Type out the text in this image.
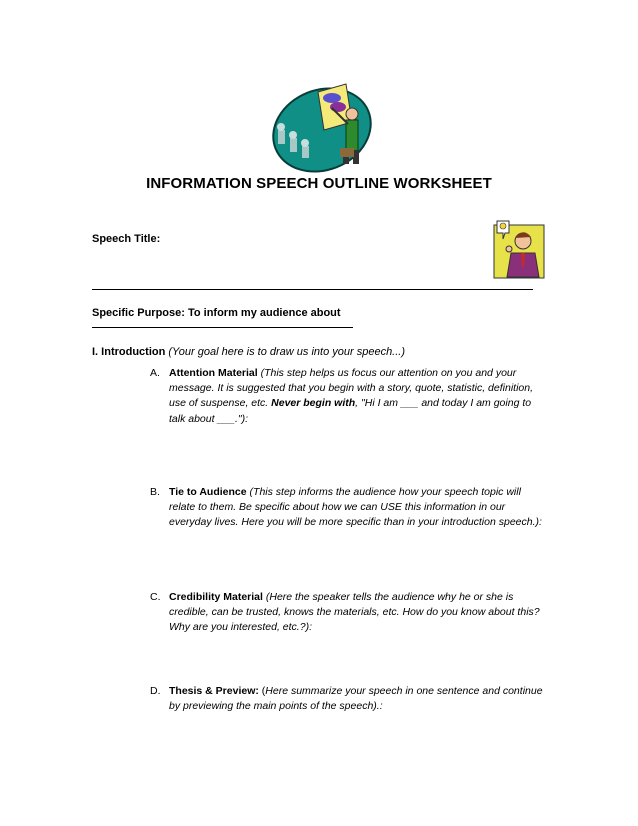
INFORMATION SPEECH OUTLINE WORKSHEET
Speech Title:
Specific Purpose: To inform my audience about
I. Introduction (Your goal here is to draw us into your speech...)
A. Attention Material (This step helps us focus our attention on you and your message. It is suggested that you begin with a story, quote, statistic, definition, use of suspense, etc. Never begin with, "Hi I am ___ and today I am going to talk about ___."):
B. Tie to Audience (This step informs the audience how your speech topic will relate to them. Be specific about how we can USE this information in our everyday lives. Here you will be more specific than in your introduction speech.):
C. Credibility Material (Here the speaker tells the audience why he or she is credible, can be trusted, knows the materials, etc. How do you know about this? Why are you interested, etc.?):
D. Thesis & Preview: (Here summarize your speech in one sentence and continue by previewing the main points of the speech).:
